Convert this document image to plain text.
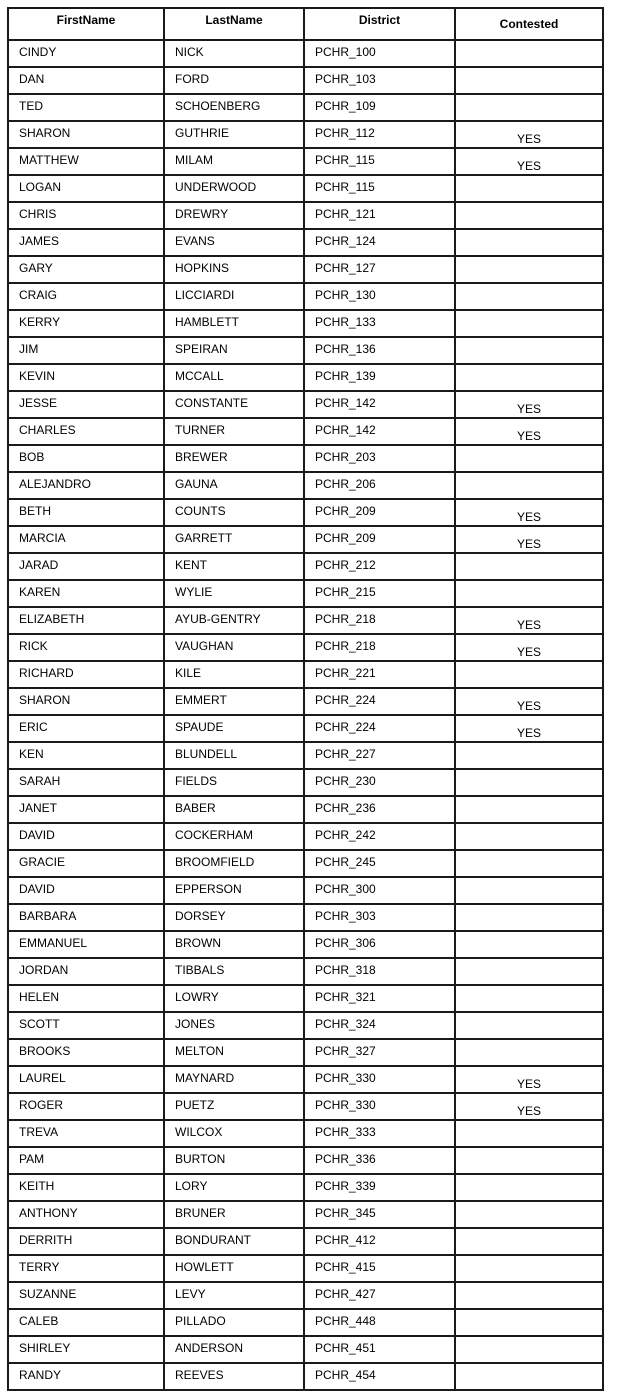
FirstName	LastName	District	Contested
CINDY	NICK	PCHR_100	
DAN	FORD	PCHR_103	
TED	SCHOENBERG	PCHR_109	
SHARON	GUTHRIE	PCHR_112	YES
MATTHEW	MILAM	PCHR_115	YES
LOGAN	UNDERWOOD	PCHR_115	
CHRIS	DREWRY	PCHR_121	
JAMES	EVANS	PCHR_124	
GARY	HOPKINS	PCHR_127	
CRAIG	LICCIARDI	PCHR_130	
KERRY	HAMBLETT	PCHR_133	
JIM	SPEIRAN	PCHR_136	
KEVIN	MCCALL	PCHR_139	
JESSE	CONSTANTE	PCHR_142	YES
CHARLES	TURNER	PCHR_142	YES
BOB	BREWER	PCHR_203	
ALEJANDRO	GAUNA	PCHR_206	
BETH	COUNTS	PCHR_209	YES
MARCIA	GARRETT	PCHR_209	YES
JARAD	KENT	PCHR_212	
KAREN	WYLIE	PCHR_215	
ELIZABETH	AYUB-GENTRY	PCHR_218	YES
RICK	VAUGHAN	PCHR_218	YES
RICHARD	KILE	PCHR_221	
SHARON	EMMERT	PCHR_224	YES
ERIC	SPAUDE	PCHR_224	YES
KEN	BLUNDELL	PCHR_227	
SARAH	FIELDS	PCHR_230	
JANET	BABER	PCHR_236	
DAVID	COCKERHAM	PCHR_242	
GRACIE	BROOMFIELD	PCHR_245	
DAVID	EPPERSON	PCHR_300	
BARBARA	DORSEY	PCHR_303	
EMMANUEL	BROWN	PCHR_306	
JORDAN	TIBBALS	PCHR_318	
HELEN	LOWRY	PCHR_321	
SCOTT	JONES	PCHR_324	
BROOKS	MELTON	PCHR_327	
LAUREL	MAYNARD	PCHR_330	YES
ROGER	PUETZ	PCHR_330	YES
TREVA	WILCOX	PCHR_333	
PAM	BURTON	PCHR_336	
KEITH	LORY	PCHR_339	
ANTHONY	BRUNER	PCHR_345	
DERRITH	BONDURANT	PCHR_412	
TERRY	HOWLETT	PCHR_415	
SUZANNE	LEVY	PCHR_427	
CALEB	PILLADO	PCHR_448	
SHIRLEY	ANDERSON	PCHR_451	
RANDY	REEVES	PCHR_454	
